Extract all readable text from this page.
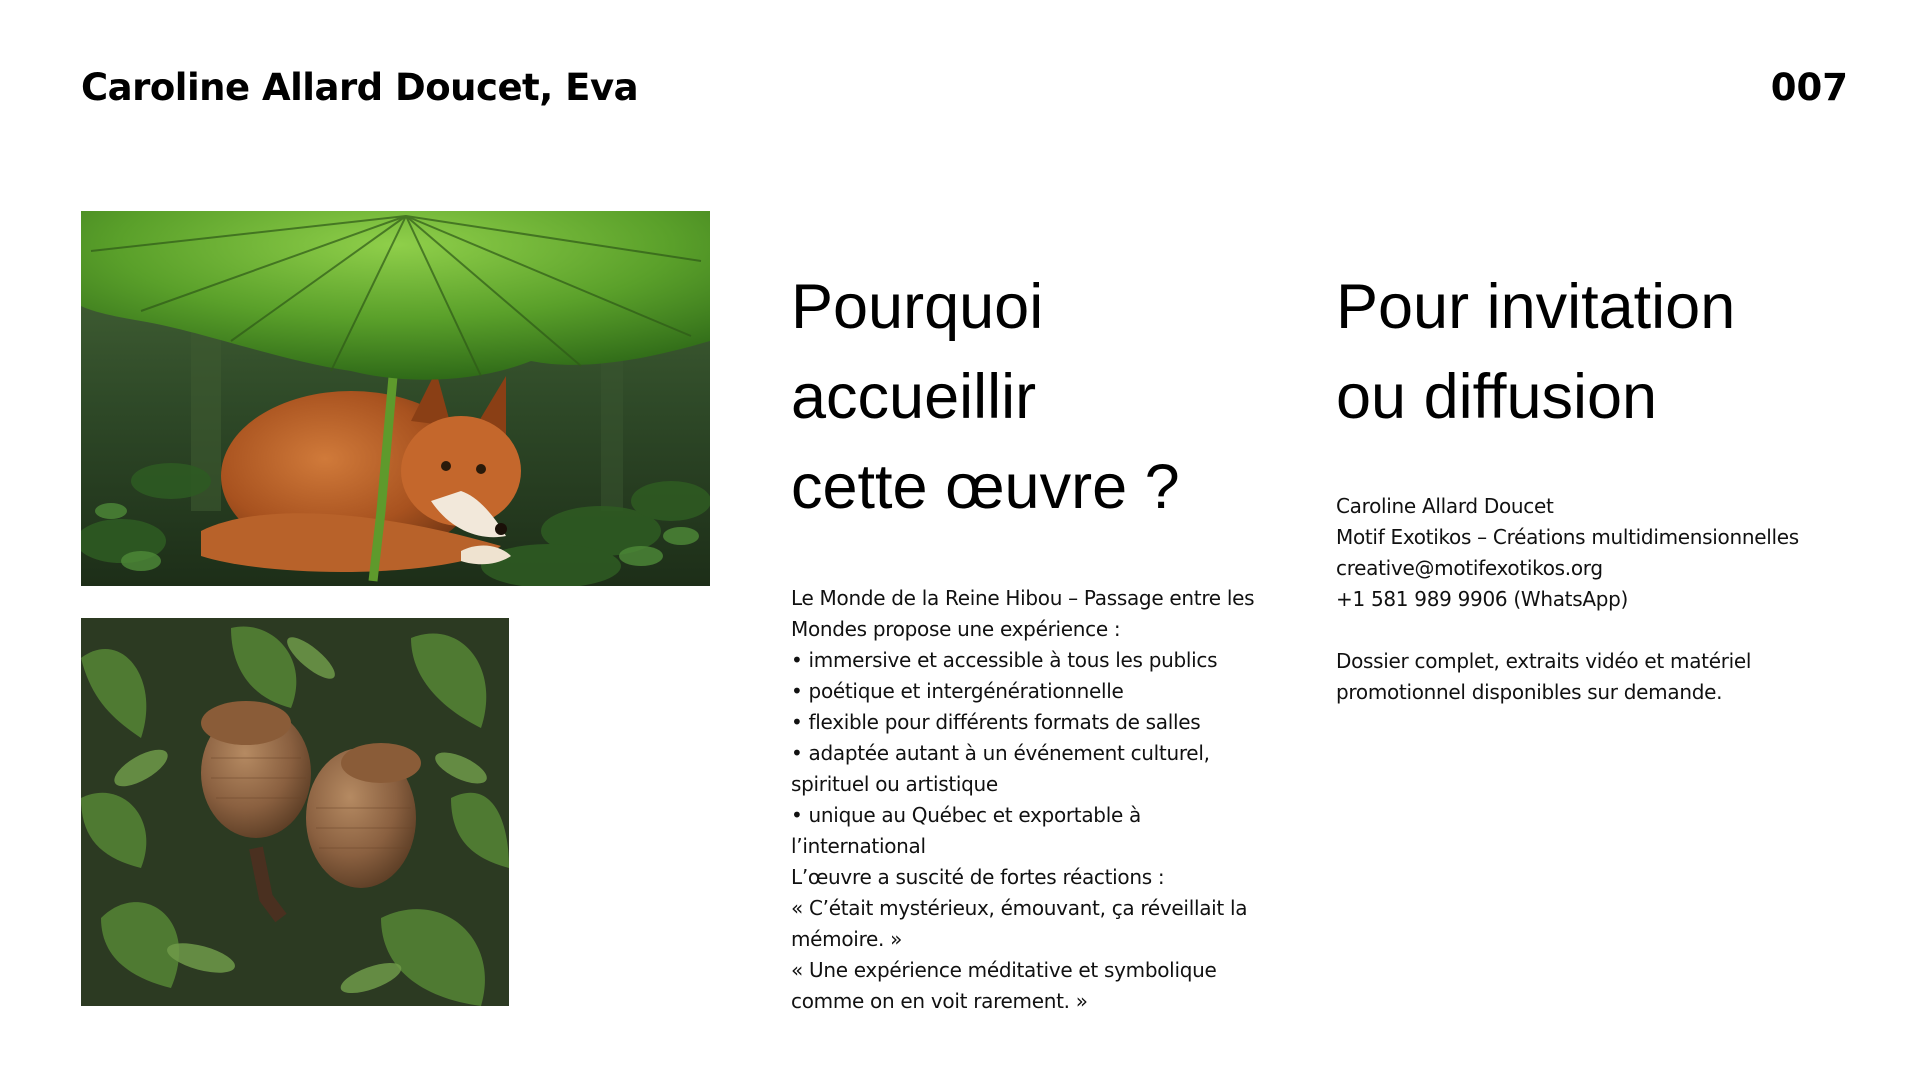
Caroline Allard Doucet, Eva	007
Pourquoi
accueillir
cette œuvre ?
Le Monde de la Reine Hibou – Passage entre les
Mondes propose une expérience :
• immersive et accessible à tous les publics
• poétique et intergénérationnelle
• flexible pour différents formats de salles
• adaptée autant à un événement culturel,
spirituel ou artistique
• unique au Québec et exportable à
l’international
L’œuvre a suscité de fortes réactions :
« C’était mystérieux, émouvant, ça réveillait la
mémoire. »
« Une expérience méditative et symbolique
comme on en voit rarement. »
Pour invitation
ou diffusion
Caroline Allard Doucet
Motif Exotikos – Créations multidimensionnelles
creative@motifexotikos.org
+1 581 989 9906 (WhatsApp)
Dossier complet, extraits vidéo et matériel
promotionnel disponibles sur demande.
